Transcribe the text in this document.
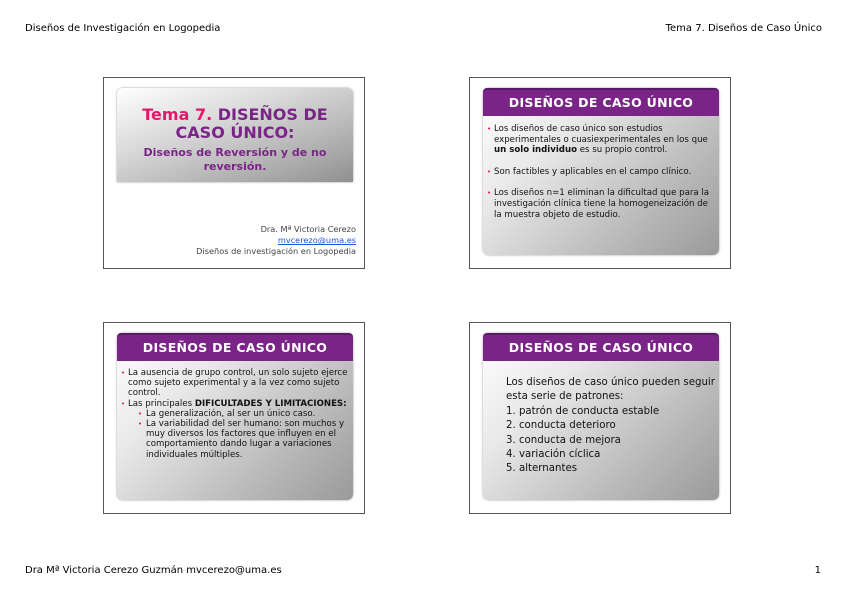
Diseños de Investigación en Logopedia	Tema 7. Diseños de Caso Único
Tema 7. DISEÑOS DE CASO ÚNICO:
Diseños de Reversión y de no reversión.
Dra. Mª Victoria Cerezo
mvcerezo@uma.es
Diseños de investigación en Logopedia
DISEÑOS DE CASO ÚNICO
• Los diseños de caso único son estudios experimentales o cuasiexperimentales en los que un solo individuo es su propio control.
• Son factibles y aplicables en el campo clínico.
• Los diseños n=1 eliminan la dificultad que para la investigación clínica tiene la homogeneización de la muestra objeto de estudio.
DISEÑOS DE CASO ÚNICO
• La ausencia de grupo control, un solo sujeto ejerce como sujeto experimental y a la vez como sujeto control.
• Las principales DIFICULTADES Y LIMITACIONES:
• La generalización, al ser un único caso.
• La variabilidad del ser humano: son muchos y muy diversos los factores que influyen en el comportamiento dando lugar a variaciones individuales múltiples.
DISEÑOS DE CASO ÚNICO
Los diseños de caso único pueden seguir esta serie de patrones:
1. patrón de conducta estable
2. conducta deterioro
3. conducta de mejora
4. variación cíclica
5. alternantes
Dra Mª Victoria Cerezo Guzmán mvcerezo@uma.es	1
